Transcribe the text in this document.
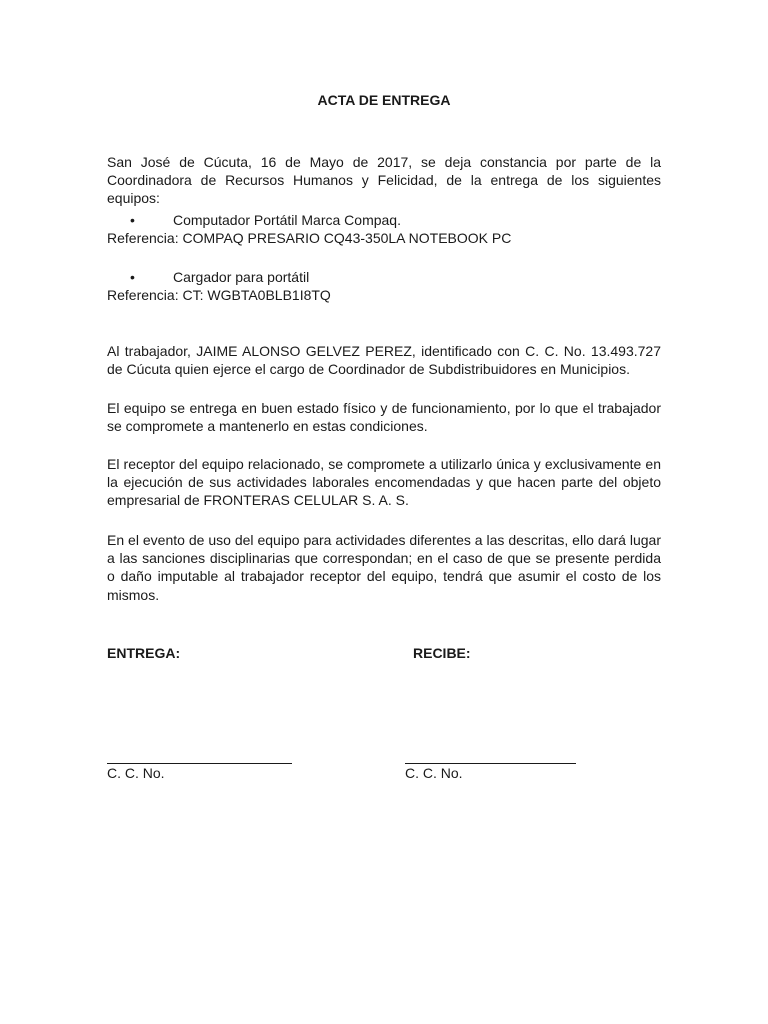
ACTA DE ENTREGA

San José de Cúcuta, 16 de Mayo de 2017, se deja constancia por parte de la Coordinadora de Recursos Humanos y Felicidad, de la entrega de los siguientes equipos:

•	Computador Portátil Marca Compaq.
Referencia: COMPAQ PRESARIO CQ43-350LA NOTEBOOK PC
•	Cargador para portátil
Referencia: CT: WGBTA0BLB1I8TQ

Al trabajador, JAIME ALONSO GELVEZ PEREZ, identificado con C. C. No. 13.493.727 de Cúcuta quien ejerce el cargo de Coordinador de Subdistribuidores en Municipios.

El equipo se entrega en buen estado físico y de funcionamiento, por lo que el trabajador se compromete a mantenerlo en estas condiciones.

El receptor del equipo relacionado, se compromete a utilizarlo única y exclusivamente en la ejecución de sus actividades laborales encomendadas y que hacen parte del objeto empresarial de FRONTERAS CELULAR S. A. S.

En el evento de uso del equipo para actividades diferentes a las descritas, ello dará lugar a las sanciones disciplinarias que correspondan; en el caso de que se presente perdida o daño imputable al trabajador receptor del equipo, tendrá que asumir el costo de los mismos.

ENTREGA:	RECIBE:
C. C. No.	C. C. No.
